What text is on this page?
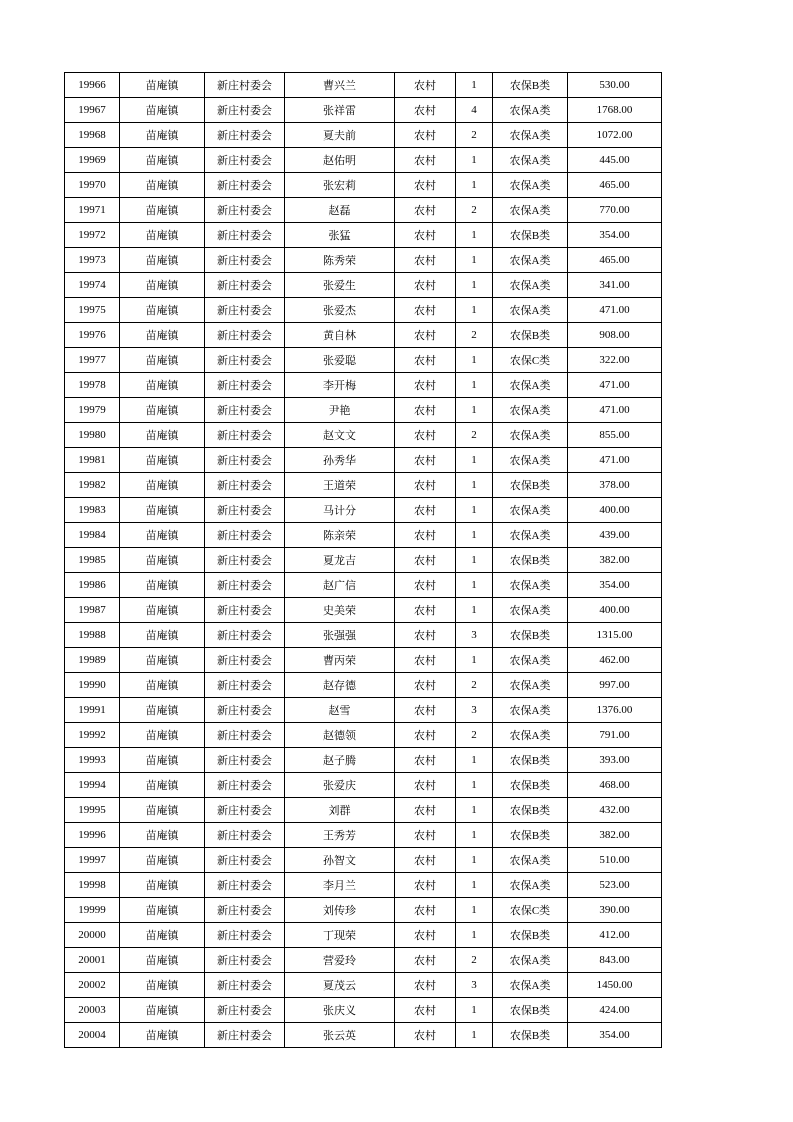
19966	苗庵镇	新庄村委会	曹兴兰	农村	1	农保B类	530.00
19967	苗庵镇	新庄村委会	张祥雷	农村	4	农保A类	1768.00
19968	苗庵镇	新庄村委会	夏夫前	农村	2	农保A类	1072.00
19969	苗庵镇	新庄村委会	赵佑明	农村	1	农保A类	445.00
19970	苗庵镇	新庄村委会	张宏莉	农村	1	农保A类	465.00
19971	苗庵镇	新庄村委会	赵磊	农村	2	农保A类	770.00
19972	苗庵镇	新庄村委会	张猛	农村	1	农保B类	354.00
19973	苗庵镇	新庄村委会	陈秀荣	农村	1	农保A类	465.00
19974	苗庵镇	新庄村委会	张爱生	农村	1	农保A类	341.00
19975	苗庵镇	新庄村委会	张爱杰	农村	1	农保A类	471.00
19976	苗庵镇	新庄村委会	黄自林	农村	2	农保B类	908.00
19977	苗庵镇	新庄村委会	张爱聪	农村	1	农保C类	322.00
19978	苗庵镇	新庄村委会	李开梅	农村	1	农保A类	471.00
19979	苗庵镇	新庄村委会	尹艳	农村	1	农保A类	471.00
19980	苗庵镇	新庄村委会	赵文文	农村	2	农保A类	855.00
19981	苗庵镇	新庄村委会	孙秀华	农村	1	农保A类	471.00
19982	苗庵镇	新庄村委会	王道荣	农村	1	农保B类	378.00
19983	苗庵镇	新庄村委会	马计分	农村	1	农保A类	400.00
19984	苗庵镇	新庄村委会	陈亲荣	农村	1	农保A类	439.00
19985	苗庵镇	新庄村委会	夏龙吉	农村	1	农保B类	382.00
19986	苗庵镇	新庄村委会	赵广信	农村	1	农保A类	354.00
19987	苗庵镇	新庄村委会	史美荣	农村	1	农保A类	400.00
19988	苗庵镇	新庄村委会	张强强	农村	3	农保B类	1315.00
19989	苗庵镇	新庄村委会	曹丙荣	农村	1	农保A类	462.00
19990	苗庵镇	新庄村委会	赵存德	农村	2	农保A类	997.00
19991	苗庵镇	新庄村委会	赵雪	农村	3	农保A类	1376.00
19992	苗庵镇	新庄村委会	赵德领	农村	2	农保A类	791.00
19993	苗庵镇	新庄村委会	赵子腾	农村	1	农保B类	393.00
19994	苗庵镇	新庄村委会	张爱庆	农村	1	农保B类	468.00
19995	苗庵镇	新庄村委会	刘群	农村	1	农保B类	432.00
19996	苗庵镇	新庄村委会	王秀芳	农村	1	农保B类	382.00
19997	苗庵镇	新庄村委会	孙智文	农村	1	农保A类	510.00
19998	苗庵镇	新庄村委会	李月兰	农村	1	农保A类	523.00
19999	苗庵镇	新庄村委会	刘传珍	农村	1	农保C类	390.00
20000	苗庵镇	新庄村委会	丁现荣	农村	1	农保B类	412.00
20001	苗庵镇	新庄村委会	营爱玲	农村	2	农保A类	843.00
20002	苗庵镇	新庄村委会	夏茂云	农村	3	农保A类	1450.00
20003	苗庵镇	新庄村委会	张庆义	农村	1	农保B类	424.00
20004	苗庵镇	新庄村委会	张云英	农村	1	农保B类	354.00
